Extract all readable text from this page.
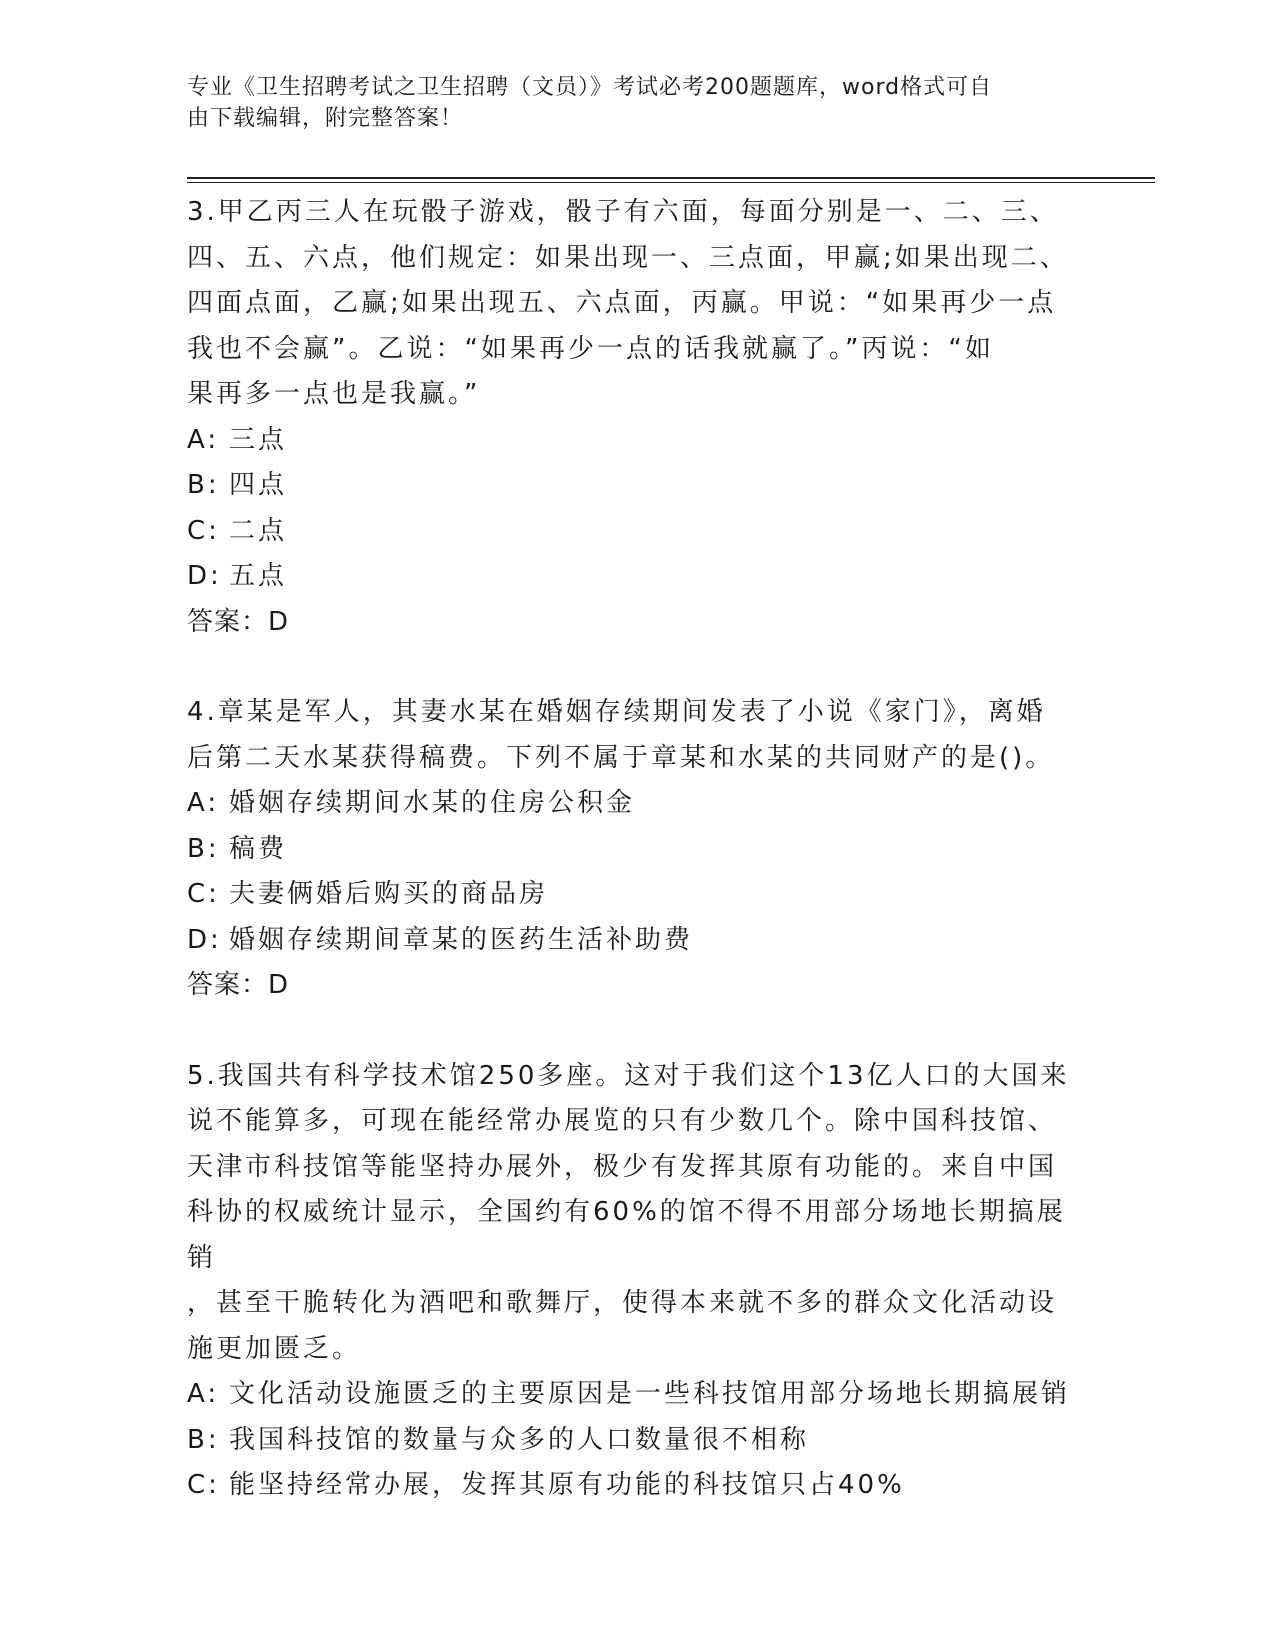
专业《卫生招聘考试之卫生招聘（文员）》考试必考200题题库，word格式可自
由下载编辑，附完整答案！

3.甲乙丙三人在玩骰子游戏，骰子有六面，每面分别是一、二、三、

四、五、六点，他们规定：如果出现一、三点面，甲赢;如果出现二、

四面点面，乙赢;如果出现五、六点面，丙赢。甲说：“如果再少一点

我也不会赢”。乙说：“如果再少一点的话我就赢了。”丙说：“如

果再多一点也是我赢。”

A: 三点

B: 四点

C: 二点

D: 五点

答案：D

4.章某是军人，其妻水某在婚姻存续期间发表了小说《家门》，离婚

后第二天水某获得稿费。下列不属于章某和水某的共同财产的是()。

A: 婚姻存续期间水某的住房公积金

B: 稿费

C: 夫妻俩婚后购买的商品房

D: 婚姻存续期间章某的医药生活补助费

答案：D

5.我国共有科学技术馆250多座。这对于我们这个13亿人口的大国来

说不能算多，可现在能经常办展览的只有少数几个。除中国科技馆、

天津市科技馆等能坚持办展外，极少有发挥其原有功能的。来自中国

科协的权威统计显示，全国约有60%的馆不得不用部分场地长期搞展销

，甚至干脆转化为酒吧和歌舞厅，使得本来就不多的群众文化活动设

施更加匮乏。

A: 文化活动设施匮乏的主要原因是一些科技馆用部分场地长期搞展销

B: 我国科技馆的数量与众多的人口数量很不相称

C: 能坚持经常办展，发挥其原有功能的科技馆只占40%
